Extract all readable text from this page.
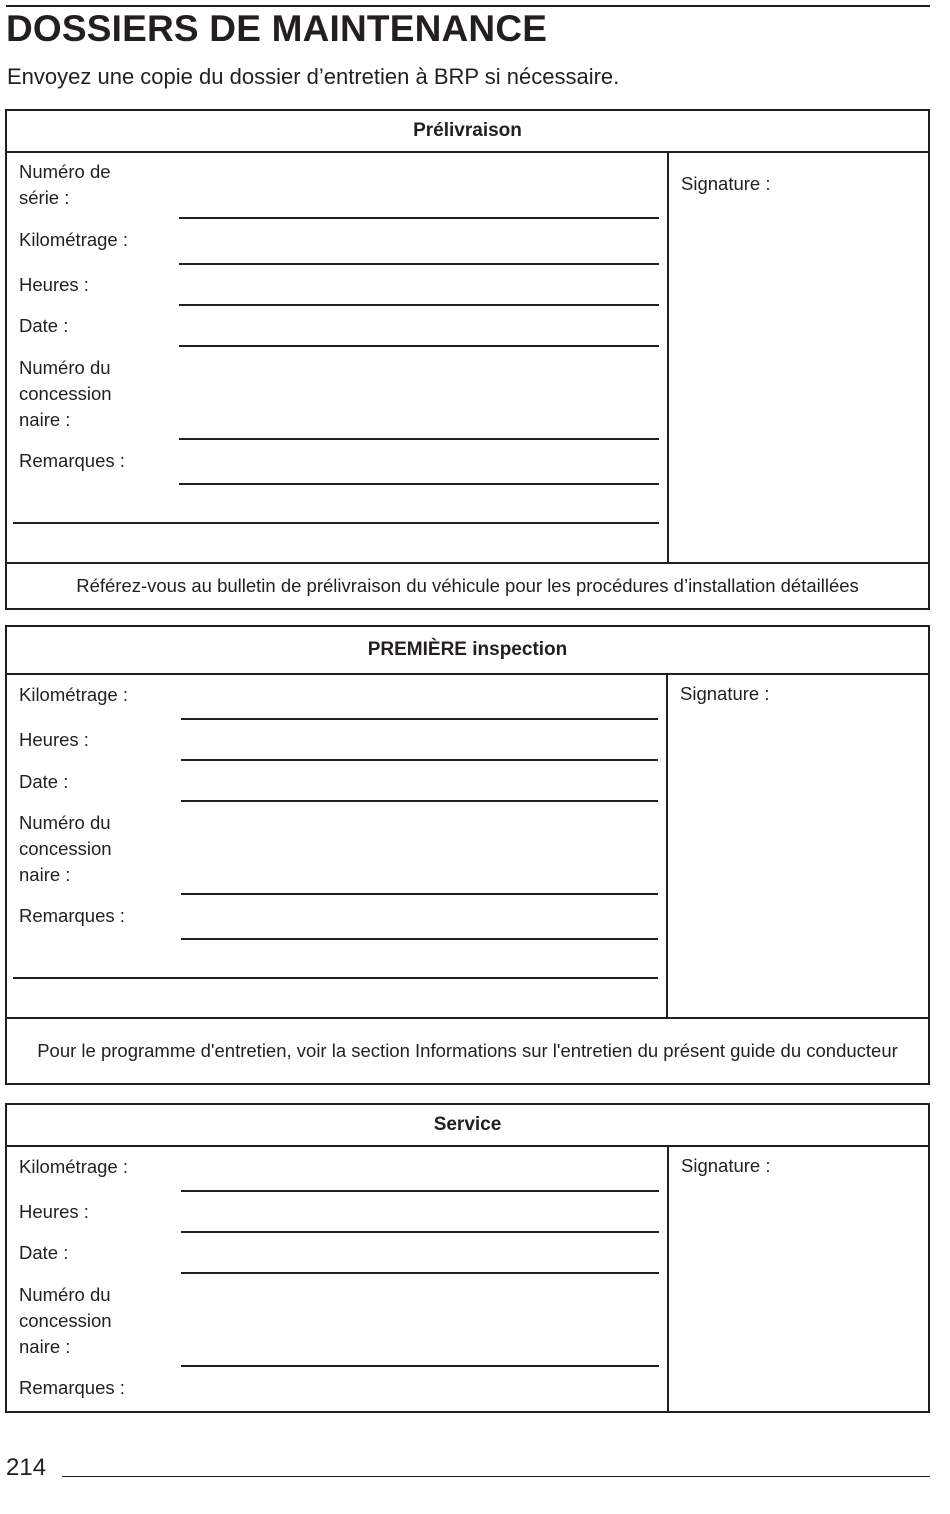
DOSSIERS DE MAINTENANCE
Envoyez une copie du dossier d’entretien à BRP si nécessaire.
Prélivraison
Numéro de
série :
Kilométrage :
Heures :
Date :
Numéro du
concession
naire :
Remarques :
Signature :
Référez-vous au bulletin de prélivraison du véhicule pour les procédures d’installation détaillées
PREMIÈRE inspection
Kilométrage :
Heures :
Date :
Numéro du
concession
naire :
Remarques :
Signature :
Pour le programme d'entretien, voir la section Informations sur l'entretien du présent guide du conducteur
Service
Kilométrage :
Heures :
Date :
Numéro du
concession
naire :
Remarques :
Signature :
214
